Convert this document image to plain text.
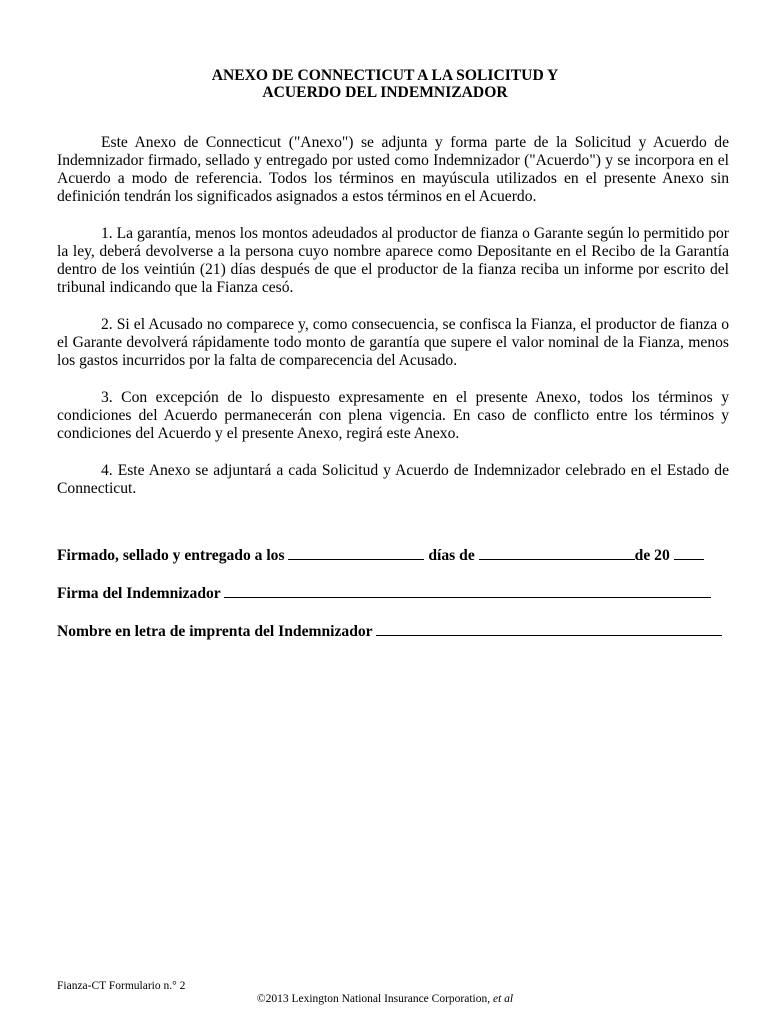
ANEXO DE CONNECTICUT A LA SOLICITUD Y
ACUERDO DEL INDEMNIZADOR

Este Anexo de Connecticut ("Anexo") se adjunta y forma parte de la Solicitud y Acuerdo de Indemnizador firmado, sellado y entregado por usted como Indemnizador ("Acuerdo") y se incorpora en el Acuerdo a modo de referencia. Todos los términos en mayúscula utilizados en el presente Anexo sin definición tendrán los significados asignados a estos términos en el Acuerdo.

1. La garantía, menos los montos adeudados al productor de fianza o Garante según lo permitido por la ley, deberá devolverse a la persona cuyo nombre aparece como Depositante en el Recibo de la Garantía dentro de los veintiún (21) días después de que el productor de la fianza reciba un informe por escrito del tribunal indicando que la Fianza cesó.

2. Si el Acusado no comparece y, como consecuencia, se confisca la Fianza, el productor de fianza o el Garante devolverá rápidamente todo monto de garantía que supere el valor nominal de la Fianza, menos los gastos incurridos por la falta de comparecencia del Acusado.

3. Con excepción de lo dispuesto expresamente en el presente Anexo, todos los términos y condiciones del Acuerdo permanecerán con plena vigencia. En caso de conflicto entre los términos y condiciones del Acuerdo y el presente Anexo, regirá este Anexo.

4. Este Anexo se adjuntará a cada Solicitud y Acuerdo de Indemnizador celebrado en el Estado de Connecticut.

Firmado, sellado y entregado a los	días de	de 20
Firma del Indemnizador
Nombre en letra de imprenta del Indemnizador
Fianza-CT Formulario n.° 2
©2013 Lexington National Insurance Corporation, et al
